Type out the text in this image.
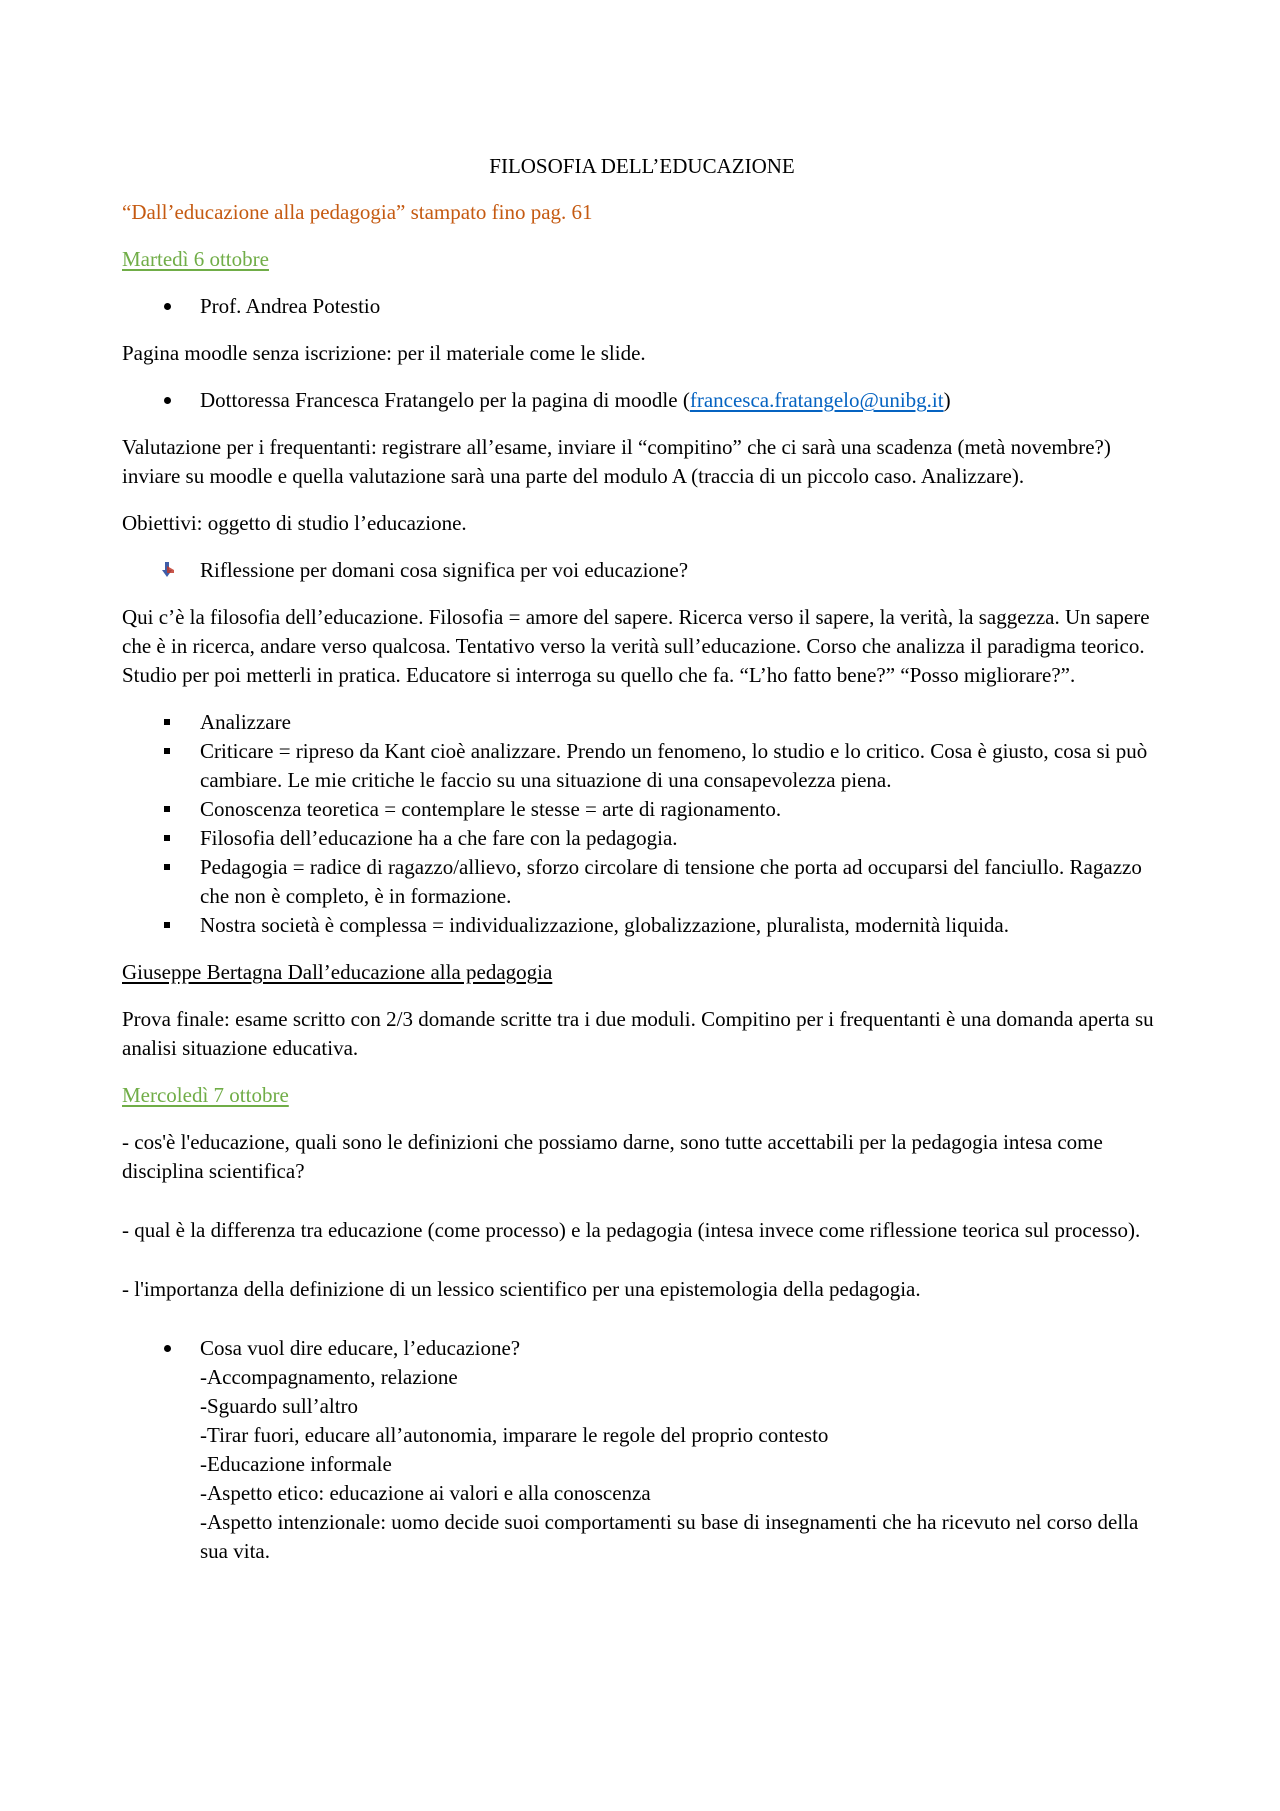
FILOSOFIA DELL’EDUCAZIONE

“Dall’educazione alla pedagogia” stampato fino pag. 61

Martedì 6 ottobre

Prof. Andrea Potestio

Pagina moodle senza iscrizione: per il materiale come le slide.

Dottoressa Francesca Fratangelo per la pagina di moodle (francesca.fratangelo@unibg.it)

Valutazione per i frequentanti: registrare all’esame, inviare il “compitino” che ci sarà una scadenza (metà novembre?) inviare su moodle e quella valutazione sarà una parte del modulo A (traccia di un piccolo caso. Analizzare).

Obiettivi: oggetto di studio l’educazione.

Riflessione per domani cosa significa per voi educazione?

Qui c’è la filosofia dell’educazione. Filosofia = amore del sapere. Ricerca verso il sapere, la verità, la saggezza. Un sapere che è in ricerca, andare verso qualcosa. Tentativo verso la verità sull’educazione. Corso che analizza il paradigma teorico. Studio per poi metterli in pratica. Educatore si interroga su quello che fa. “L’ho fatto bene?” “Posso migliorare?”.

Analizzare
Criticare = ripreso da Kant cioè analizzare. Prendo un fenomeno, lo studio e lo critico. Cosa è giusto, cosa si può cambiare. Le mie critiche le faccio su una situazione di una consapevolezza piena.
Conoscenza teoretica = contemplare le stesse = arte di ragionamento.
Filosofia dell’educazione ha a che fare con la pedagogia.
Pedagogia = radice di ragazzo/allievo, sforzo circolare di tensione che porta ad occuparsi del fanciullo. Ragazzo che non è completo, è in formazione.
Nostra società è complessa = individualizzazione, globalizzazione, pluralista, modernità liquida.

Giuseppe Bertagna Dall’educazione alla pedagogia

Prova finale: esame scritto con 2/3 domande scritte tra i due moduli. Compitino per i frequentanti è una domanda aperta su analisi situazione educativa.

Mercoledì 7 ottobre

- cos'è l'educazione, quali sono le definizioni che possiamo darne, sono tutte accettabili per la pedagogia intesa come disciplina scientifica?

- qual è la differenza tra educazione (come processo) e la pedagogia (intesa invece come riflessione teorica sul processo).

- l'importanza della definizione di un lessico scientifico per una epistemologia della pedagogia.

Cosa vuol dire educare, l’educazione?
-Accompagnamento, relazione
-Sguardo sull’altro
-Tirar fuori, educare all’autonomia, imparare le regole del proprio contesto
-Educazione informale
-Aspetto etico: educazione ai valori e alla conoscenza
-Aspetto intenzionale: uomo decide suoi comportamenti su base di insegnamenti che ha ricevuto nel corso della sua vita.
